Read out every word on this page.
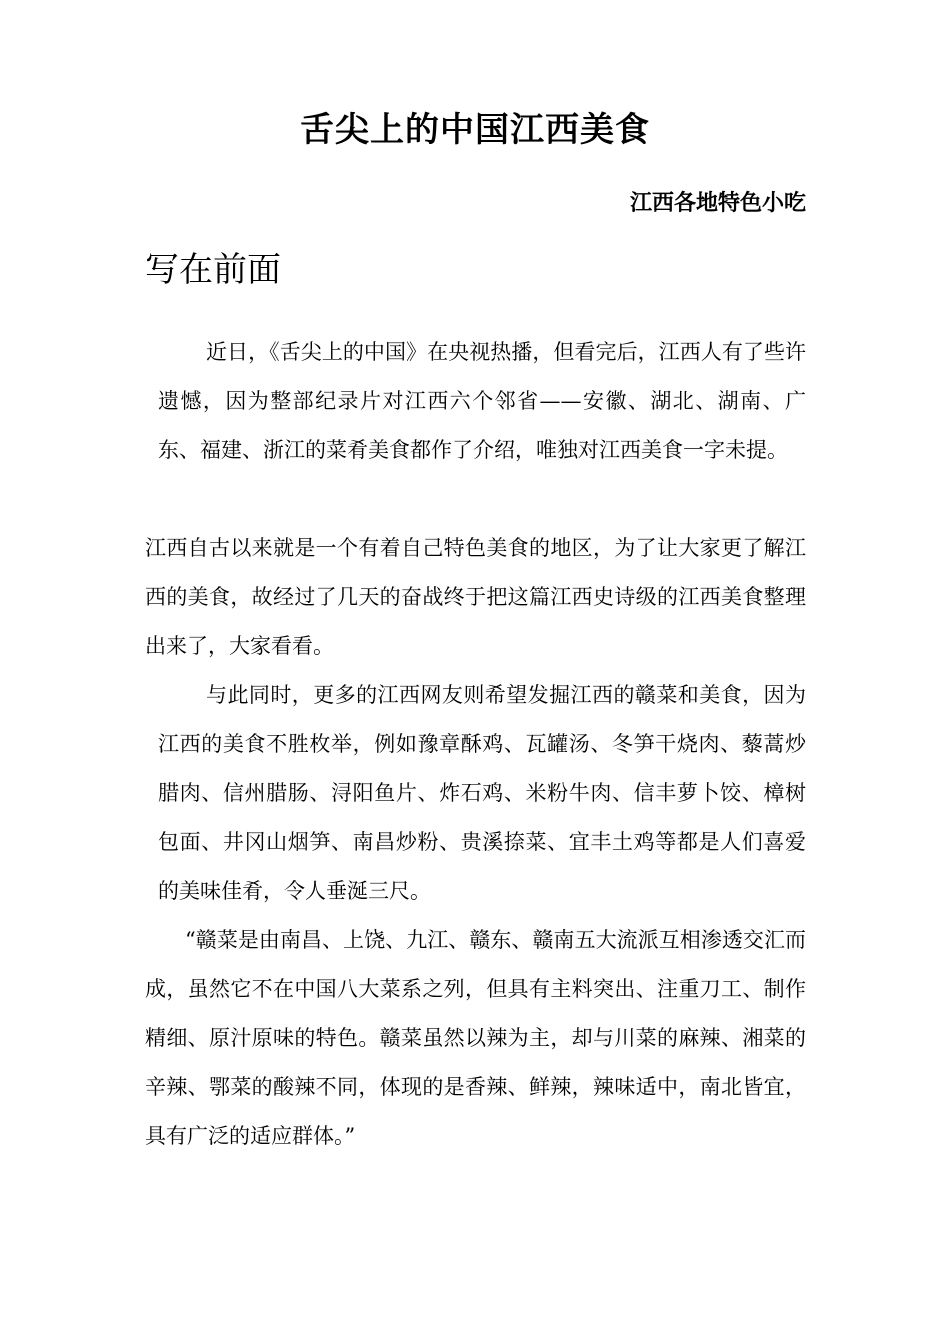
舌尖上的中国江西美食
江西各地特色小吃
写在前面

近日，《舌尖上的中国》在央视热播，但看完后，江西人有了些许遗憾，因为整部纪录片对江西六个邻省——安徽、湖北、湖南、广东、福建、浙江的菜肴美食都作了介绍，唯独对江西美食一字未提。

江西自古以来就是一个有着自己特色美食的地区，为了让大家更了解江西的美食，故经过了几天的奋战终于把这篇江西史诗级的江西美食整理出来了，大家看看。

与此同时，更多的江西网友则希望发掘江西的赣菜和美食，因为江西的美食不胜枚举，例如豫章酥鸡、瓦罐汤、冬笋干烧肉、藜蒿炒腊肉、信州腊肠、浔阳鱼片、炸石鸡、米粉牛肉、信丰萝卜饺、樟树包面、井冈山烟笋、南昌炒粉、贵溪捺菜、宜丰土鸡等都是人们喜爱的美味佳肴，令人垂涎三尺。

“赣菜是由南昌、上饶、九江、赣东、赣南五大流派互相渗透交汇而成，虽然它不在中国八大菜系之列，但具有主料突出、注重刀工、制作精细、原汁原味的特色。赣菜虽然以辣为主，却与川菜的麻辣、湘菜的辛辣、鄂菜的酸辣不同，体现的是香辣、鲜辣，辣味适中，南北皆宜，具有广泛的适应群体。”
